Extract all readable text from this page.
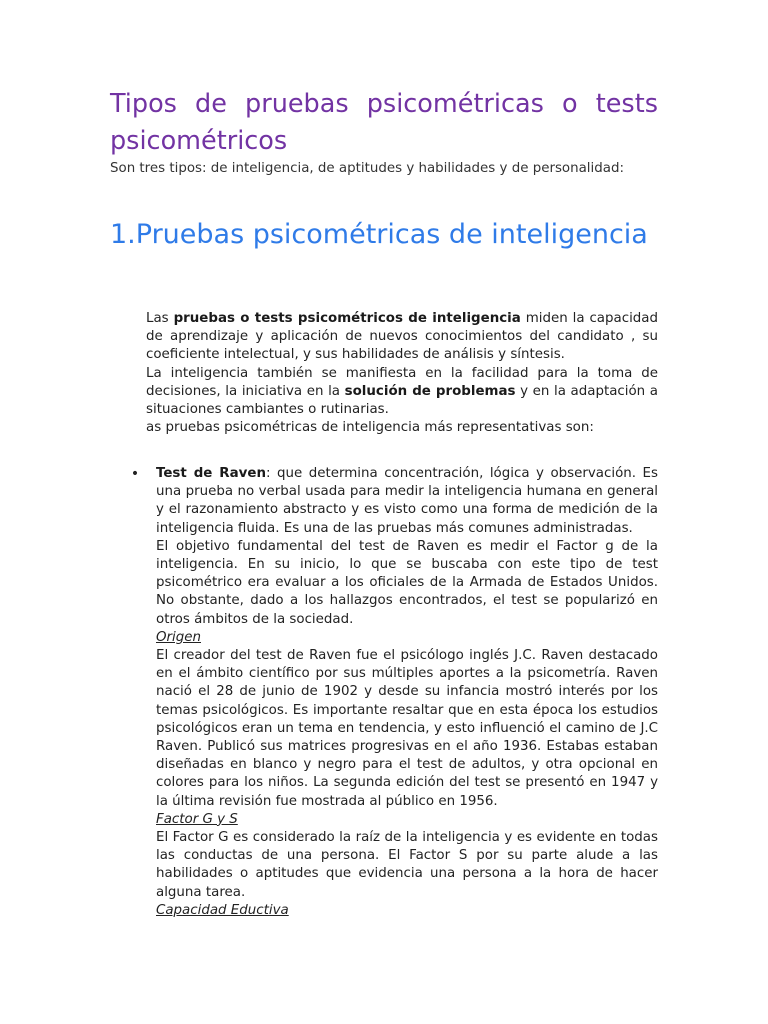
Tipos de pruebas psicométricas o tests psicométricos

Son tres tipos: de inteligencia, de aptitudes y habilidades y de personalidad:

1.Pruebas psicométricas de inteligencia

Las pruebas o tests psicométricos de inteligencia miden la capacidad de aprendizaje y aplicación de nuevos conocimientos del candidato , su coeficiente intelectual, y sus habilidades de análisis y síntesis.

La inteligencia también se manifiesta en la facilidad para la toma de decisiones, la iniciativa en la solución de problemas y en la adaptación a situaciones cambiantes o rutinarias.

as pruebas psicométricas de inteligencia más representativas son:

• Test de Raven: que determina concentración, lógica y observación. Es una prueba no verbal usada para medir la inteligencia humana en general y el razonamiento abstracto y es visto como una forma de medición de la inteligencia fluida. Es una de las pruebas más comunes administradas.

El objetivo fundamental del test de Raven es medir el Factor g de la inteligencia. En su inicio, lo que se buscaba con este tipo de test psicométrico era evaluar a los oficiales de la Armada de Estados Unidos. No obstante, dado a los hallazgos encontrados, el test se popularizó en otros ámbitos de la sociedad.

Origen

El creador del test de Raven fue el psicólogo inglés J.C. Raven destacado en el ámbito científico por sus múltiples aportes a la psicometría. Raven nació el 28 de junio de 1902 y desde su infancia mostró interés por los temas psicológicos. Es importante resaltar que en esta época los estudios psicológicos eran un tema en tendencia, y esto influenció el camino de J.C Raven. Publicó sus matrices progresivas en el año 1936. Estabas estaban diseñadas en blanco y negro para el test de adultos, y otra opcional en colores para los niños. La segunda edición del test se presentó en 1947 y la última revisión fue mostrada al público en 1956.

Factor G y S

El Factor G es considerado la raíz de la inteligencia y es evidente en todas las conductas de una persona. El Factor S por su parte alude a las habilidades o aptitudes que evidencia una persona a la hora de hacer alguna tarea.

Capacidad Eductiva
